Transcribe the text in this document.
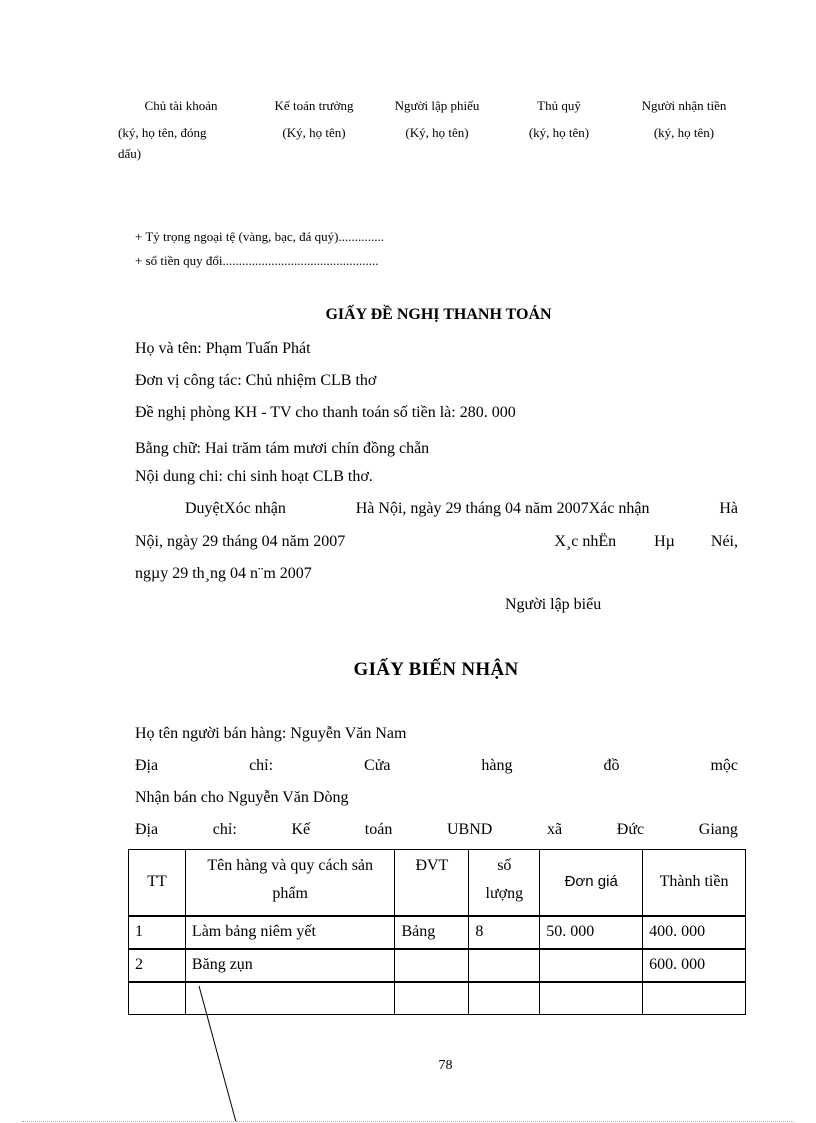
Chủ tài khoản	Kế toán trưởng	Người lập phiếu	Thủ quỹ	Người nhận tiền
(ký, họ tên, đóng
dấu)
(Ký, họ tên)	(Ký, họ tên)	(ký, họ tên)	(ký, họ tên)
+ Tỷ trọng ngoại tệ (vàng, bạc, đá quý)..............
+ số tiền quy đổi................................................
GIẤY ĐỀ NGHỊ THANH TOÁN
Họ và tên: Phạm Tuấn Phát
Đơn vị công tác: Chủ nhiệm CLB thơ
Đề nghị phòng KH - TV cho thanh toán số tiền là: 280. 000
Bằng chữ: Hai trăm tám mươi chín đồng chẵn
Nội dung chi: chi sinh hoạt CLB thơ.
DuyệtXóc nhận	Hà Nội, ngày 29 tháng 04 năm 2007Xác nhận	Hà
Nội, ngày 29 tháng 04 năm 2007	X¸c nhËn Hµ Néi,
ngµy 29 th¸ng 04 n¨m 2007
Người lập biểu
GIẤY BIẾN NHẬN
Họ tên người bán hàng: Nguyễn Văn Nam
Địa	chỉ:	Cửa	hàng	đồ	mộc
Nhận bán cho Nguyễn Văn Dòng
Địa	chỉ:	Kế	toán	UBND	xã	Đức	Giang
TT	Tên hàng và quy cách sản phẩm	ĐVT	số lượng	Đơn giá	Thành tiền
1	Làm bảng niêm yết	Bảng	8	50. 000	400. 000
2	Băng zụn				600. 000

78
